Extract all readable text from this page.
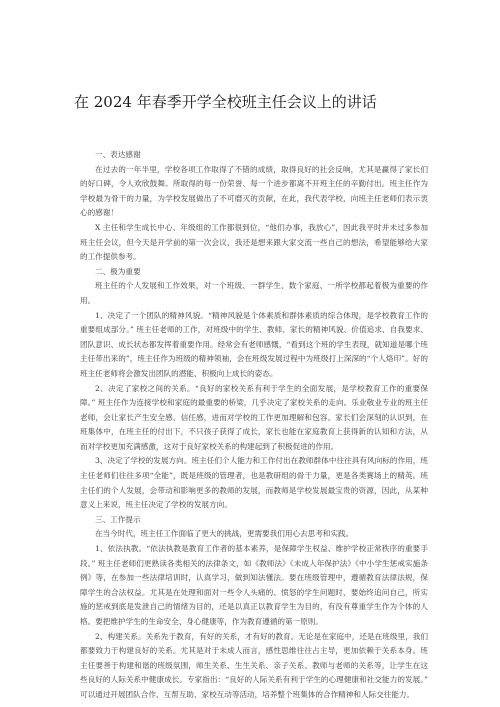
在 2024 年春季开学全校班主任会议上的讲话

一、表达感谢

在过去的一年半里，学校各项工作取得了不错的成绩，取得良好的社会反响，尤其是赢得了家长们的好口碑，令人欢欣鼓舞。所取得的每一份荣誉、每一个进步都离不开班主任的辛勤付出。班主任作为学校最为骨干的力量，为学校发展做出了不可磨灭的贡献，在此，我代表学校，向班主任老师们表示衷心的感谢！

X 主任和学生成长中心、年级组的工作都很到位，“他们办事，我放心”，因此我平时并未过多参加班主任会议，但今天是开学前的第一次会议，我还是想来跟大家交流一些自己的想法，希望能够给大家的工作提供参考。

二、极为重要

班主任的个人发展和工作效果，对一个班级、一群学生、数个家庭、一所学校都起着极为重要的作用。

1、决定了一个团队的精神风貌。“精神风貌是个体素质和群体素质的综合体现，是学校教育工作的重要组成部分。” 班主任老师的工作，对班级中的学生、教师、家长的精神风貌、价值追求、自我要求、团队意识、成长状态都发挥着重要作用。经常会有老师感慨，“看到这个班的学生表现，就知道是哪个班主任带出来的”，班主任作为班级的精神领袖，会在班级发展过程中为班级打上深深的“个人烙印”。好的班主任老师将会激发出团队的潜能、积极向上成长的姿态。

2、决定了家校之间的关系。“良好的家校关系有利于学生的全面发展，是学校教育工作的重要保障。” 班主任作为连接学校和家庭的最重要的桥梁，几乎决定了家校关系的走向。乐业敬业专业的班主任老师，会让家长产生安全感、信任感，进而对学校的工作更加理解和包容。家长们会深刻的认识到，在班集体中，在班主任的付出下，不只孩子获得了成长，家长也能在家庭教育上获得新的认知和方法，从而对学校更加充满感激，这对于良好家校关系的构建起到了积极促进的作用。

3、决定了学校的发展方向。班主任们个人能力和工作付出在教师群体中往往具有风向标的作用，班主任老师们往往多项“全能”，既是班级的管理者，也是教研组的骨干力量，更是各类赛场上的精英。班主任们的个人发展，会带动和影响更多的教师的发展，而教师是学校发展最宝贵的资源，因此，从某种意义上来说，班主任决定了学校的发展方向。

三、工作提示

在当今时代，班主任工作面临了更大的挑战，更需要我们用心去思考和实践。

1、依法执教。“依法执教是教育工作者的基本素养，是保障学生权益、维护学校正常秩序的重要手段。” 班主任老师们更熟读各类相关的法律条文，如《教师法》《未成人年保护法》《中小学生惩戒实施条例》等，在参加一些法律培训时，认真学习，做到知法懂法。要在班级管理中，遵循教育法律法规，保障学生的合法权益。尤其是在处理和面对一些令人头痛的、愤怒的学生问题时，要始终追问自己，所实施的惩戒到底是发泄自己的情绪为目的，还是以真正以教育学生为目的，有没有尊重学生作为个体的人格。要把维护学生的生命安全、身心健康等，作为教育遵循的第一原则。

2、构建关系。关系先于教育，有好的关系，才有好的教育。无论是在家庭中，还是在班级里，我们都要致力于构建良好的关系。尤其是对于未成人而言，感性思维往往占主导，更加依赖于关系本身。班主任要善于构建和谐的班级氛围，师生关系、生生关系、亲子关系、教师与老师的关系等，让学生在这些良好的人际关系中健康成长。专家指出：“良好的人际关系有利于学生的心理健康和社交能力的发展。” 可以通过开展团队合作、互帮互助、家校互动等活动，培养整个班集体的合作精神和人际交往能力。
